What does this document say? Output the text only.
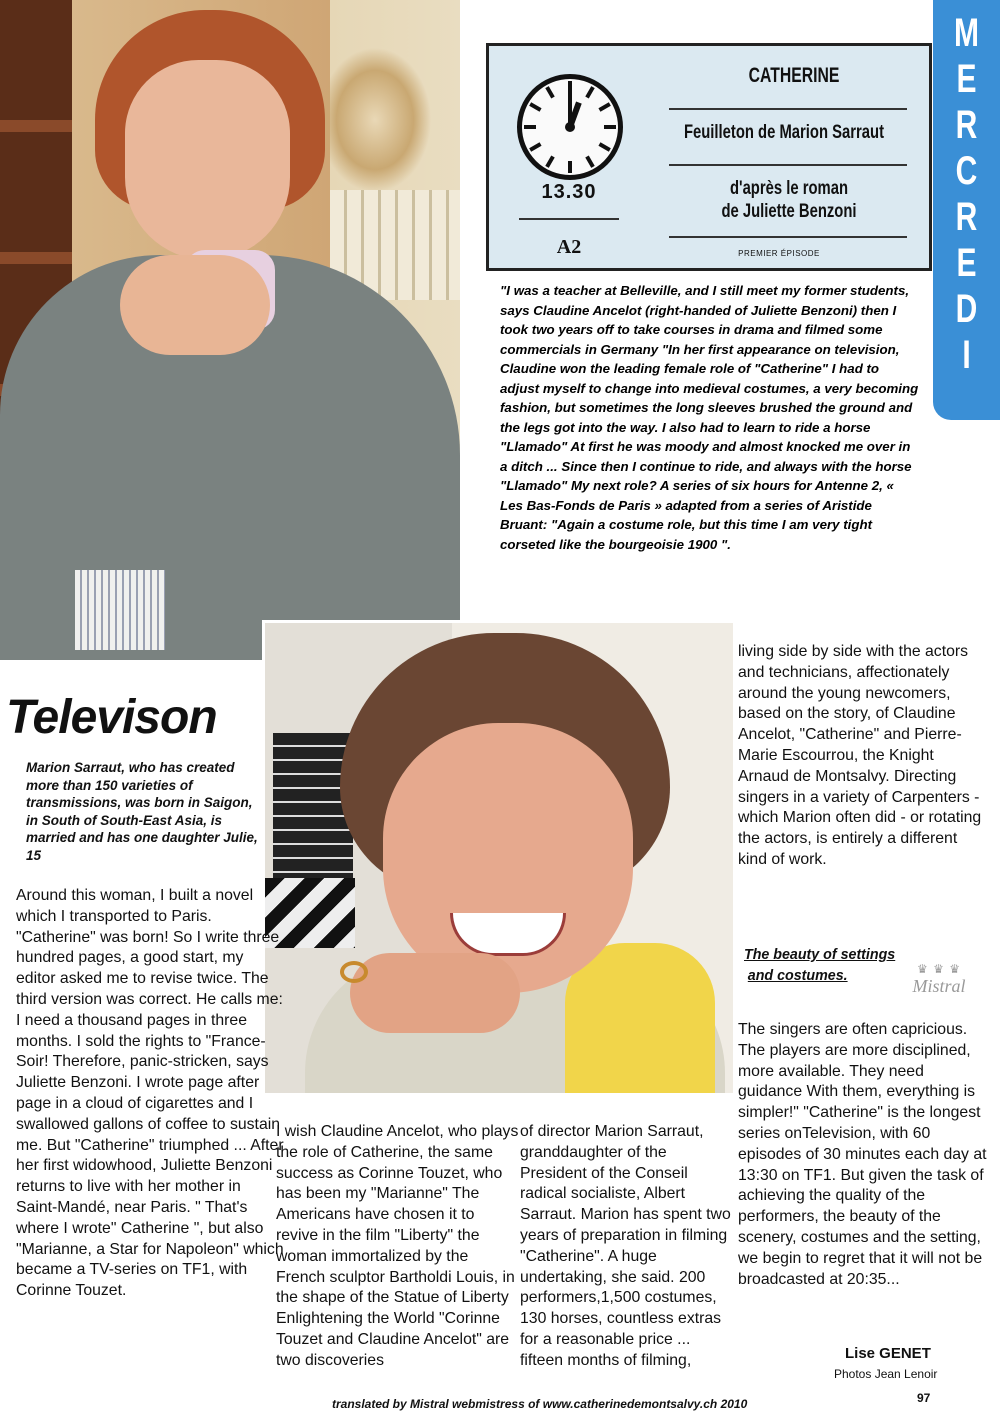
13.30
A2
CATHERINE
Feuilleton de Marion Sarraut
d'après le roman
de Juliette Benzoni
PREMIER ÉPISODE
M
E
R
C
R
E
D
I
"I was a teacher at Belleville, and I still meet my former students, says Claudine Ancelot (right-handed of Juliette Benzoni) then I took two years off to take courses in drama and filmed some commercials in Germany "In her first appearance on television, Claudine won the leading female role of "Catherine" I had to adjust myself to change into medieval costumes, a very becoming fashion, but sometimes the long sleeves brushed the ground and the legs got into the way. I also had to learn to ride a horse "Llamado" At first he was moody and almost knocked me over in a ditch ... Since then I continue to ride, and always with the horse "Llamado" My next role? A series of six hours for Antenne 2, « Les Bas-Fonds de Paris » adapted from a series of Aristide Bruant: "Again a costume role, but this time I am very tight corseted like the bourgeoisie 1900 ".
Televison
Marion Sarraut, who has created more than 150 varieties of transmissions, was born in Saigon, in South of South-East Asia, is married and has one daughter Julie, 15

Around this woman, I built a novel which I transported to Paris. "Catherine" was born! So I write three hundred pages, a good start, my editor asked me to revise twice. The third version was correct. He calls me: I need a thousand pages in three months. I sold the rights to "France-Soir! Therefore, panic-stricken, says Juliette Benzoni. I wrote page after page in a cloud of cigarettes and I swallowed gallons of coffee to sustain me. But "Catherine" triumphed ... After her first widowhood, Juliette Benzoni returns to live with her mother in Saint-Mandé, near Paris. " That's where I wrote" Catherine ", but also "Marianne, a Star for Napoleon" which became a TV-series on TF1, with Corinne Touzet.

I wish Claudine Ancelot, who plays the role of Catherine, the same success as Corinne Touzet, who has been my "Marianne" The Americans have chosen it to revive in the film "Liberty" the woman immortalized by the French sculptor Bartholdi Louis, in the shape of the Statue of Liberty Enlightening the World "Corinne Touzet and Claudine Ancelot" are two discoveries

of director Marion Sarraut, granddaughter of the President of the Conseil radical socialiste, Albert Sarraut. Marion has spent two years of preparation in filming "Catherine". A huge undertaking, she said. 200 performers,1,500 costumes, 130 horses, countless extras for a reasonable price ... fifteen months of filming,

living side by side with the actors and technicians, affectionately around the young newcomers, based on the story, of Claudine Ancelot, "Catherine" and Pierre-Marie Escourrou, the Knight Arnaud de Montsalvy. Directing singers in a variety of Carpenters - which Marion often did - or rotating the actors, is entirely a different kind of work.

The beauty of settings
and costumes.	♛ ♛ ♛
Mistral

The singers are often capricious. The players are more disciplined, more available. They need guidance With them, everything is simpler!" "Catherine" is the longest series onTelevision, with 60 episodes of 30 minutes each day at 13:30 on TF1. But given the task of achieving the quality of the performers, the beauty of the scenery, costumes and the setting, we begin to regret that it will not be broadcasted at 20:35...

Lise GENET
Photos Jean Lenoir
97
translated by Mistral webmistress of www.catherinedemontsalvy.ch 2010
